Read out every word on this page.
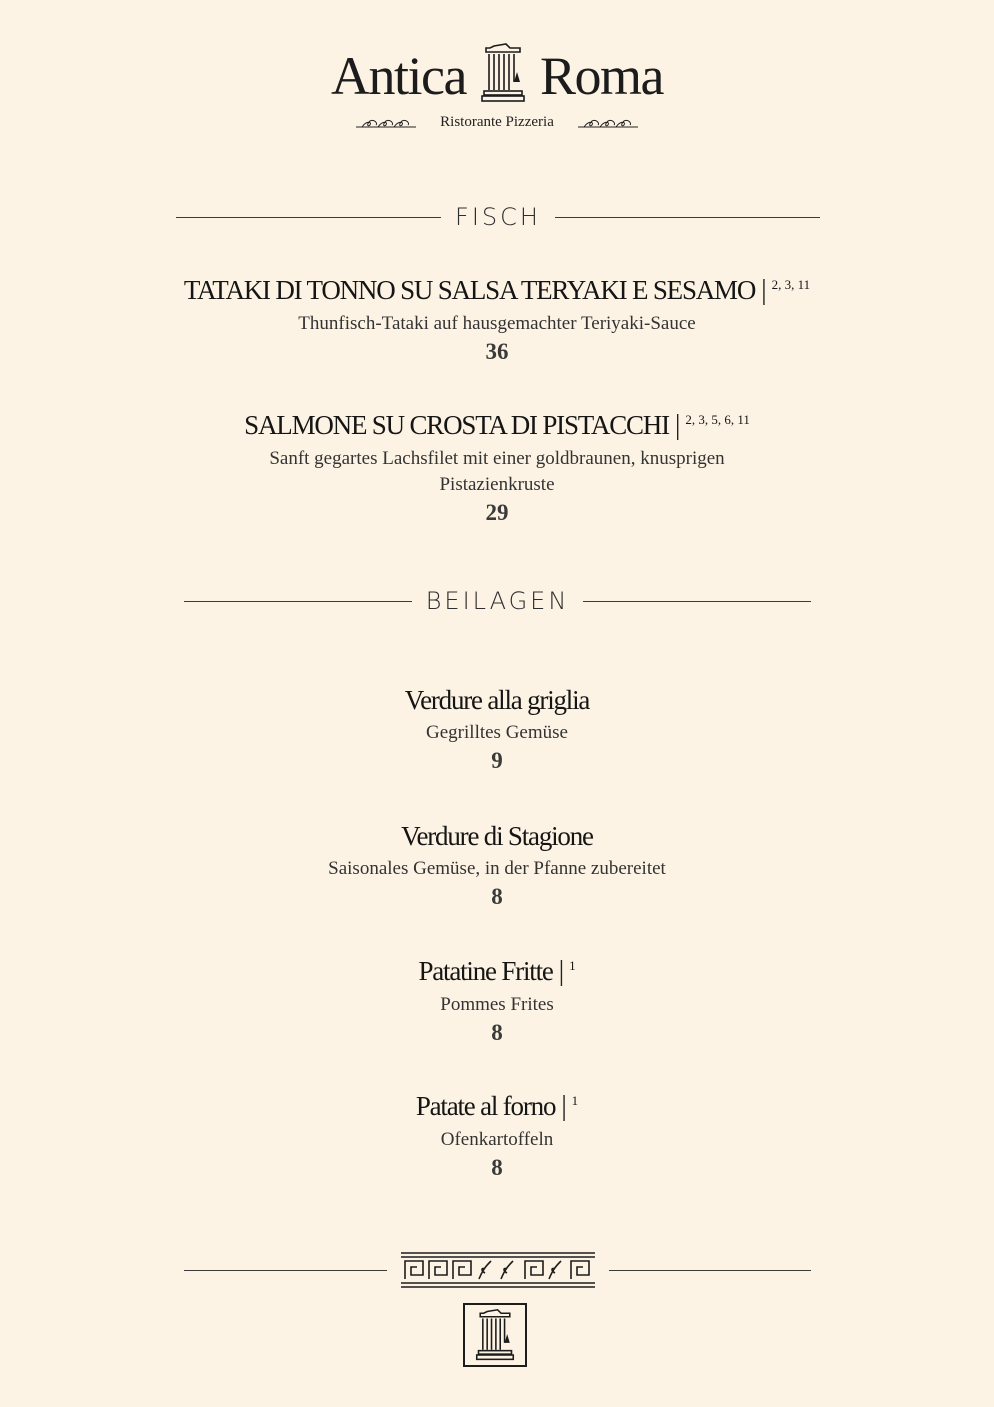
Antica Roma
Ristorante Pizzeria
FISCH
TATAKI DI TONNO SU SALSA TERYAKI E SESAMO | $^{2, 3, 11}$
Thunfisch-Tataki auf hausgemachter Teriyaki-Sauce
36
SALMONE SU CROSTA DI PISTACCHI | $^{2, 3, 5, 6, 11}$
Sanft gegartes Lachsfilet mit einer goldbraunen, knusprigen Pistazienkruste
29
BEILAGEN
Verdure alla griglia
Gegrilltes Gemüse
9
Verdure di Stagione
Saisonales Gemüse, in der Pfanne zubereitet
8
Patatine Fritte | $^1$
Pommes Frites
8
Patate al forno | $^1$
Ofenkartoffeln
8
